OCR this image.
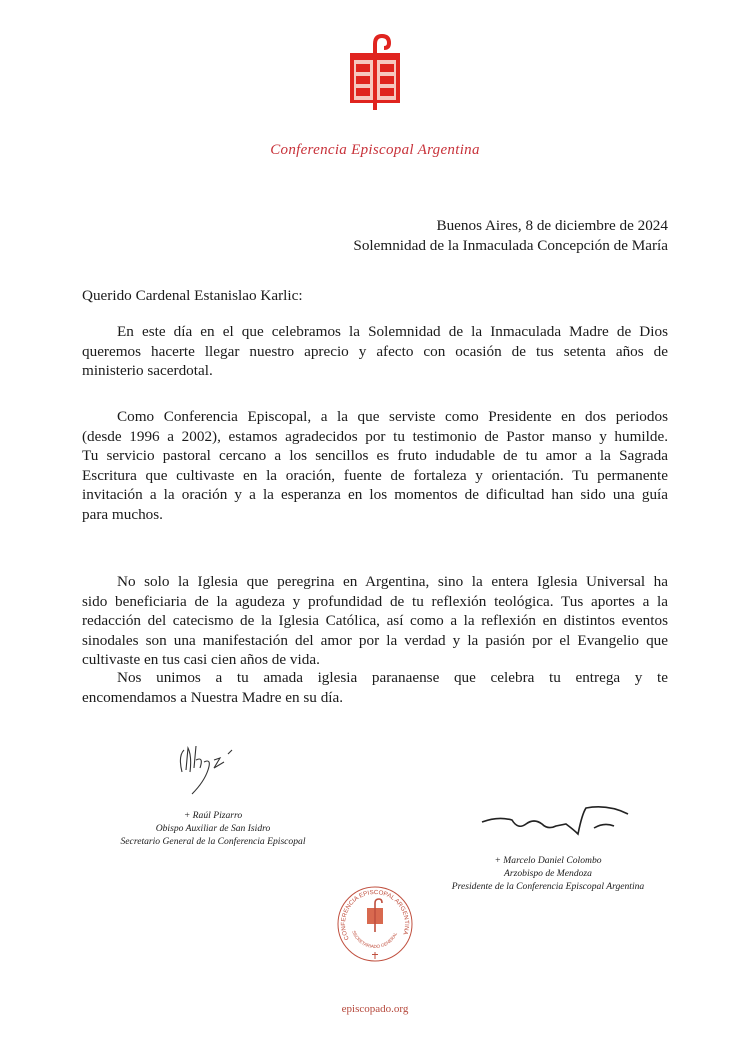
Conferencia Episcopal Argentina
Buenos Aires, 8 de diciembre de 2024
Solemnidad de la Inmaculada Concepción de María
Querido Cardenal Estanislao Karlic:
En este día en el que celebramos la Solemnidad de la Inmaculada Madre de Dios
queremos hacerte llegar nuestro aprecio y afecto con ocasión de tus setenta años de
ministerio sacerdotal.
Como Conferencia Episcopal, a la que serviste como Presidente en dos periodos
(desde 1996 a 2002), estamos agradecidos por tu testimonio de Pastor manso y humilde.
Tu servicio pastoral cercano a los sencillos es fruto indudable de tu amor a la Sagrada
Escritura que cultivaste en la oración, fuente de fortaleza y orientación. Tu permanente
invitación a la oración y a la esperanza en los momentos de dificultad han sido una guía
para muchos.
No solo la Iglesia que peregrina en Argentina, sino la entera Iglesia Universal ha
sido beneficiaria de la agudeza y profundidad de tu reflexión teológica. Tus aportes a la
redacción del catecismo de la Iglesia Católica, así como a la reflexión en distintos eventos
sinodales son una manifestación del amor por la verdad y la pasión por el Evangelio que
cultivaste en tus casi cien años de vida.
Nos unimos a tu amada iglesia paranaense que celebra tu entrega y te
encomendamos a Nuestra Madre en su día.
+ Raúl Pizarro
Obispo Auxiliar de San Isidro
Secretario General de la Conferencia Episcopal
+ Marcelo Daniel Colombo
Arzobispo de Mendoza
Presidente de la Conferencia Episcopal Argentina
CONFERENCIA EPISCOPAL ARGENTINA
SECRETARIADO GENERAL
episcopado.org
